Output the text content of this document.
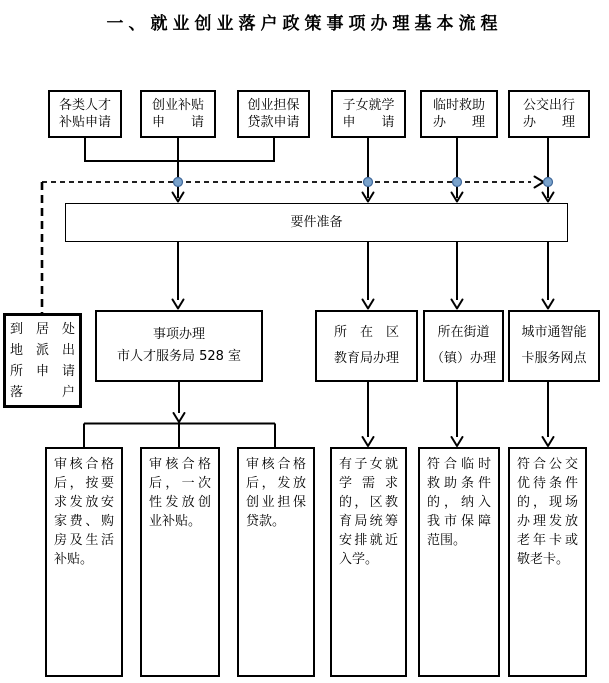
一、就业创业落户政策事项办理基本流程
各类人才
补贴申请
创业补贴
申　　请
创业担保
贷款申请
子女就学
申　　请
临时救助
办　　理
公交出行
办　　理
要件准备
到　居　处
地　派　出
所　申　请
落　　　户
事项办理
市人才服务局 528 室
所　在　区
教育局办理
所在街道
（镇）办理
城市通智能
卡服务网点
审核合格后，按要求发放安家费、购房及生活补贴。
审核合格后，一次性发放创业补贴。
审核合格后，发放创业担保贷款。
有子女就学需求的，区教育局统筹安排就近入学。
符合临时救助条件的，纳入我市保障范围。
符合公交优待条件的，现场办理发放老年卡或敬老卡。
